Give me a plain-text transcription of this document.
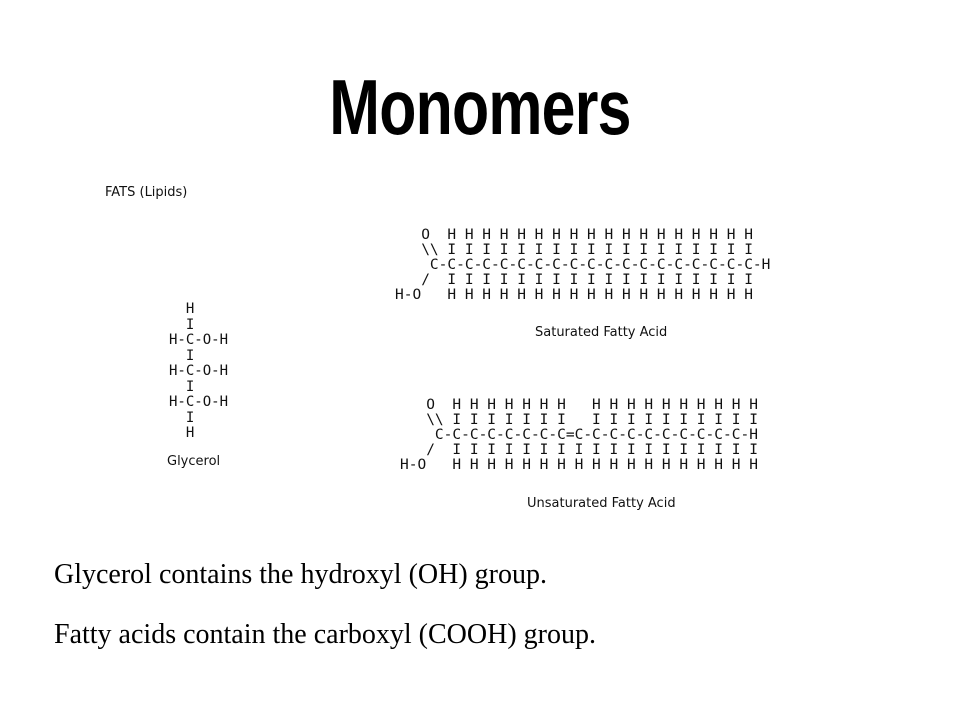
Monomers
FATS (Lipids)
H
I
H-C-O-H
I
H-C-O-H
I
H-C-O-H
I
H

Glycerol
O  H H H H H H H H H H H H H H H H H H
\\ I I I I I I I I I I I I I I I I I I
C-C-C-C-C-C-C-C-C-C-C-C-C-C-C-C-C-C-C-H
/  I I I I I I I I I I I I I I I I I I
H-O   H H H H H H H H H H H H H H H H H H

Saturated Fatty Acid
O  H H H H H H H   H H H H H H H H H H
\\ I I I I I I I   I I I I I I I I I I
C-C-C-C-C-C-C-C=C-C-C-C-C-C-C-C-C-C-H
/  I I I I I I I I I I I I I I I I I I
H-O   H H H H H H H H H H H H H H H H H H

Unsaturated Fatty Acid
Glycerol contains the hydroxyl (OH) group.
Fatty acids contain the carboxyl (COOH) group.
